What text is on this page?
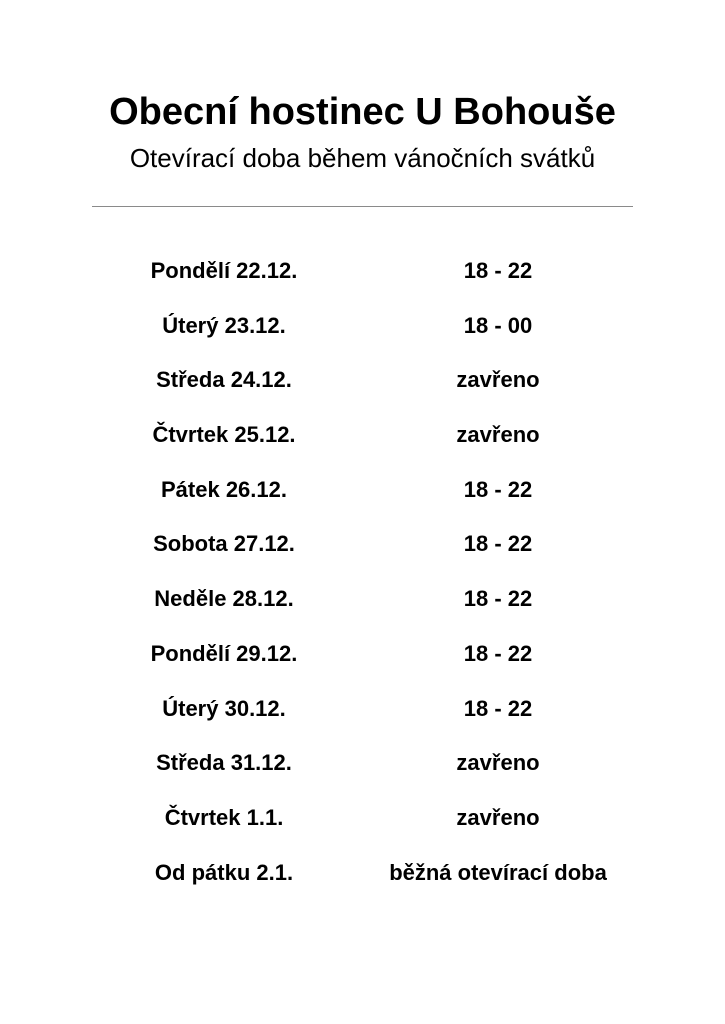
Obecní hostinec U Bohouše
Otevírací doba během vánočních svátků
Pondělí 22.12.	18 - 22
Úterý 23.12.	18 - 00
Středa 24.12.	zavřeno
Čtvrtek 25.12.	zavřeno
Pátek 26.12.	18 - 22
Sobota 27.12.	18 - 22
Neděle 28.12.	18 - 22
Pondělí 29.12.	18 - 22
Úterý 30.12.	18 - 22
Středa 31.12.	zavřeno
Čtvrtek 1.1.	zavřeno
Od pátku 2.1.	běžná otevírací doba
